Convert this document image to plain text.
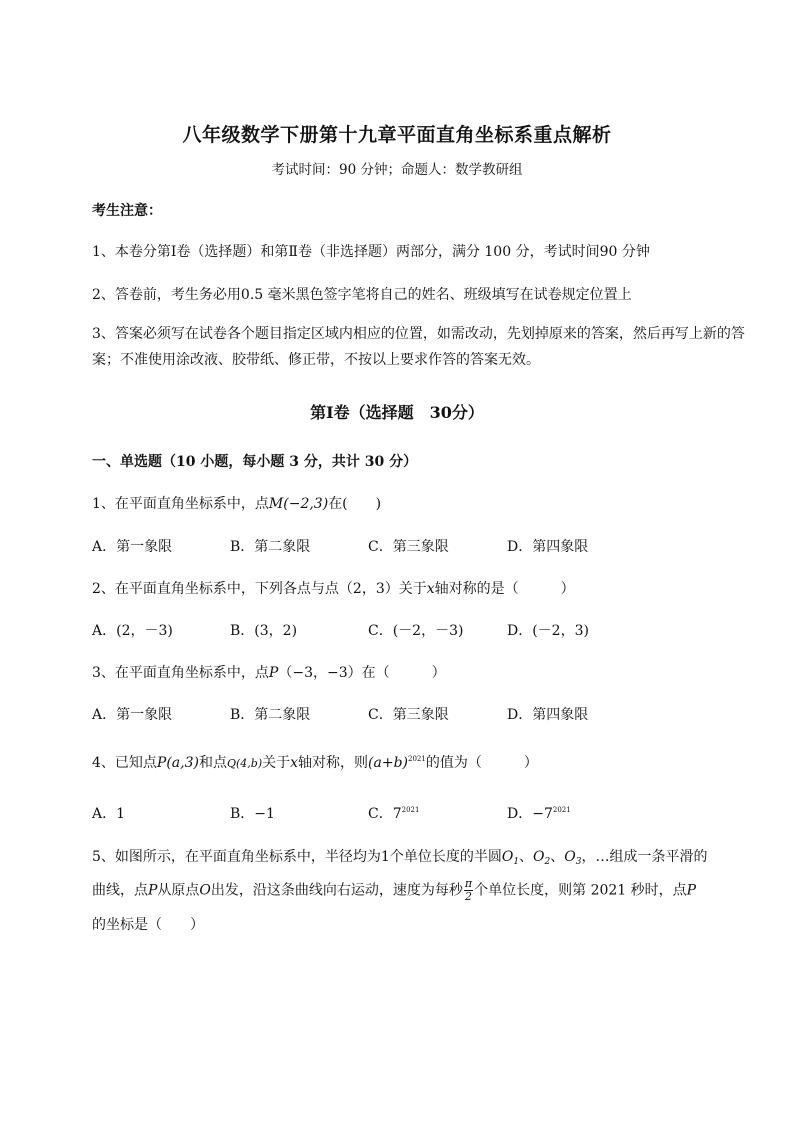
八年级数学下册第十九章平面直角坐标系重点解析
考试时间：90 分钟；命题人：数学教研组
考生注意：
1、本卷分第Ⅰ卷（选择题）和第Ⅱ卷（非选择题）两部分，满分 100 分，考试时间90 分钟
2、答卷前，考生务必用0.5 毫米黑色签字笔将自己的姓名、班级填写在试卷规定位置上
3、答案必须写在试卷各个题目指定区域内相应的位置，如需改动，先划掉原来的答案，然后再写上新的答案；不准使用涂改液、胶带纸、修正带，不按以上要求作答的答案无效。
第Ⅰ卷（选择题　30分）
一、单选题（10 小题，每小题 3 分，共计 30 分）
1、在平面直角坐标系中，点M(−2,3)在(　　)
A．第一象限	B．第二象限	C．第三象限	D．第四象限
2、在平面直角坐标系中，下列各点与点（2，3）关于x轴对称的是（　　　）
A．(2，－3)	B．(3，2)	C．(－2，－3)	D．(－2，3)
3、在平面直角坐标系中，点P（−3，−3）在（　　　）
A．第一象限	B．第二象限	C．第三象限	D．第四象限
4、已知点P(a,3)和点Q(4,b)关于x轴对称，则$(a+b)^{2021}$的值为（　　　）
A．1	B．−1	C．$7^{2021}$	D．$-7^{2021}$
5、如图所示，在平面直角坐标系中，半径均为1个单位长度的半圆$O_1$、$O_2$、$O_3$，…组成一条平滑的
曲线，点P从原点O出发，沿这条曲线向右运动，速度为每秒 $\frac{\pi}{2}$ 个单位长度，则第 2021 秒时，点P
的坐标是（　　）
